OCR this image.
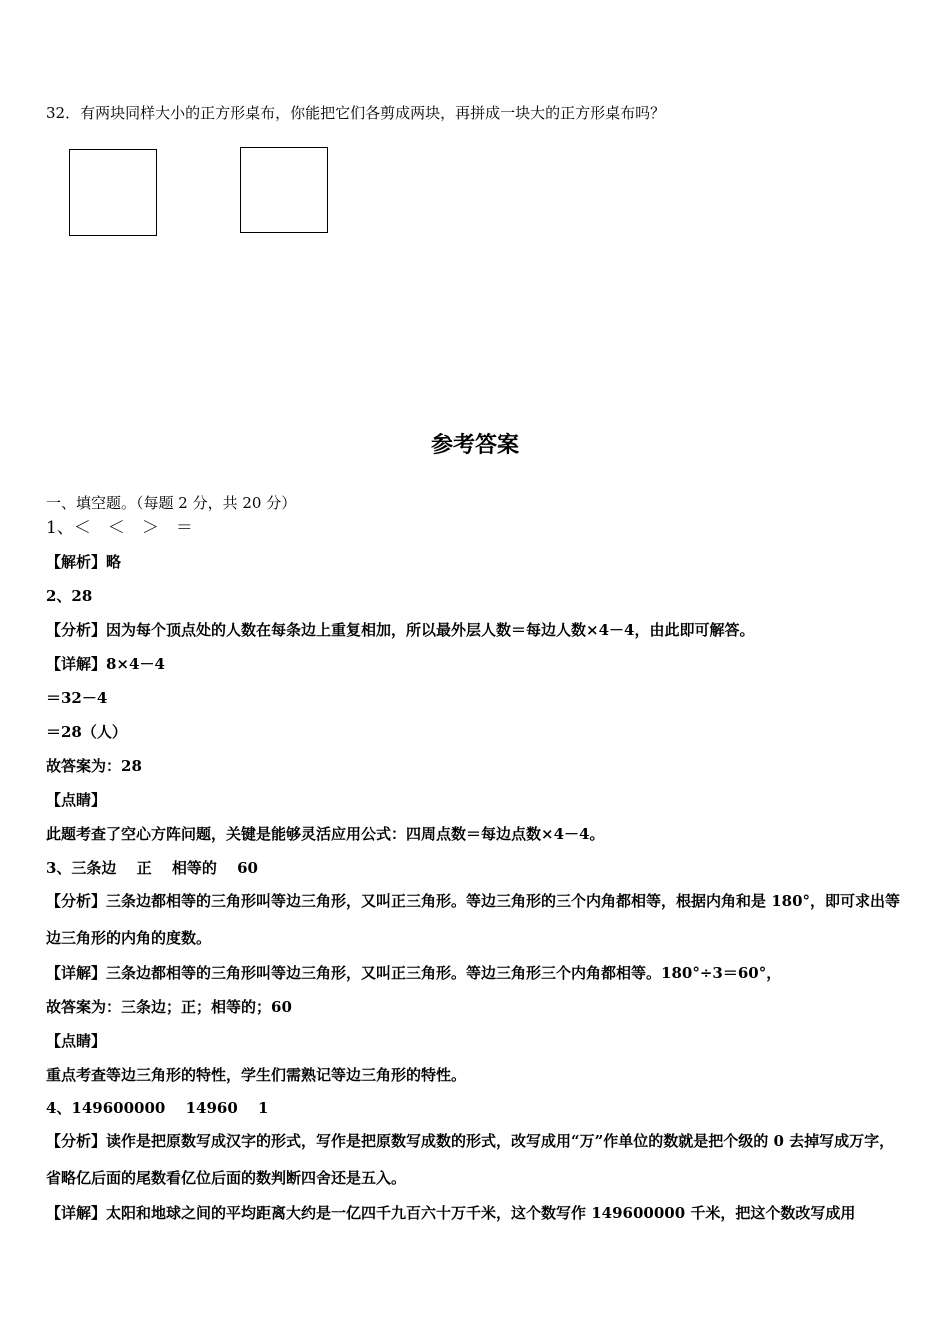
32．有两块同样大小的正方形桌布，你能把它们各剪成两块，再拼成一块大的正方形桌布吗？
参考答案
一、填空题。（每题 2 分，共 20 分）
1、＜　＜　＞　＝
【解析】略
2、28
【分析】因为每个顶点处的人数在每条边上重复相加，所以最外层人数＝每边人数×4－4，由此即可解答。
【详解】8×4－4
＝32－4
＝28（人）
故答案为：28
【点睛】
此题考查了空心方阵问题，关键是能够灵活应用公式：四周点数＝每边点数×4－4。
3、三条边　 正　 相等的　 60
【分析】三条边都相等的三角形叫等边三角形，又叫正三角形。等边三角形的三个内角都相等，根据内角和是 180°，即可求出等边三角形的内角的度数。
【详解】三条边都相等的三角形叫等边三角形，又叫正三角形。等边三角形三个内角都相等。180°÷3＝60°，
故答案为：三条边；正；相等的；60
【点睛】
重点考查等边三角形的特性，学生们需熟记等边三角形的特性。
4、149600000　 14960　 1
【分析】读作是把原数写成汉字的形式，写作是把原数写成数的形式，改写成用“万”作单位的数就是把个级的 0 去掉写成万字，省略亿后面的尾数看亿位后面的数判断四舍还是五入。
【详解】太阳和地球之间的平均距离大约是一亿四千九百六十万千米，这个数写作 149600000 千米，把这个数改写成用
